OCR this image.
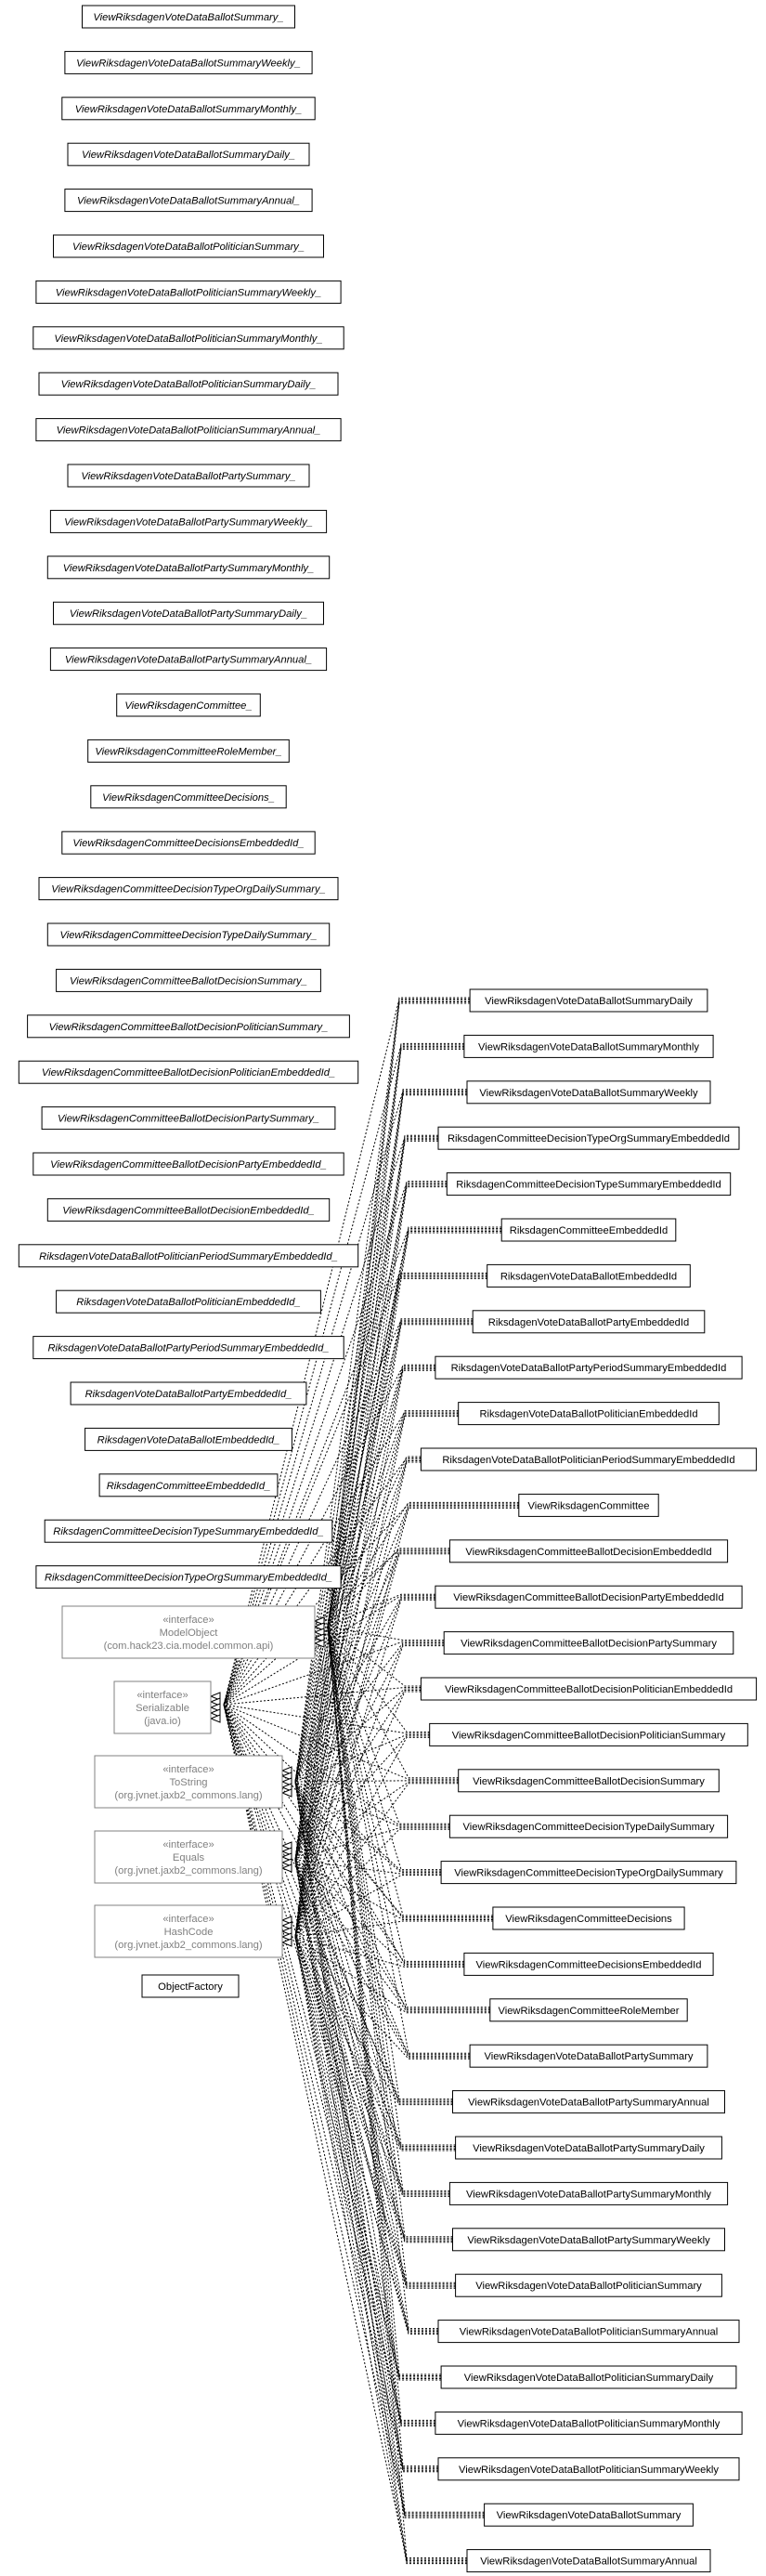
ViewRiksdagenVoteDataBallotSummary_
ViewRiksdagenVoteDataBallotSummaryWeekly_
ViewRiksdagenVoteDataBallotSummaryMonthly_
ViewRiksdagenVoteDataBallotSummaryDaily_
ViewRiksdagenVoteDataBallotSummaryAnnual_
ViewRiksdagenVoteDataBallotPoliticianSummary_
ViewRiksdagenVoteDataBallotPoliticianSummaryWeekly_
ViewRiksdagenVoteDataBallotPoliticianSummaryMonthly_
ViewRiksdagenVoteDataBallotPoliticianSummaryDaily_
ViewRiksdagenVoteDataBallotPoliticianSummaryAnnual_
ViewRiksdagenVoteDataBallotPartySummary_
ViewRiksdagenVoteDataBallotPartySummaryWeekly_
ViewRiksdagenVoteDataBallotPartySummaryMonthly_
ViewRiksdagenVoteDataBallotPartySummaryDaily_
ViewRiksdagenVoteDataBallotPartySummaryAnnual_
ViewRiksdagenCommittee_
ViewRiksdagenCommitteeRoleMember_
ViewRiksdagenCommitteeDecisions_
ViewRiksdagenCommitteeDecisionsEmbeddedId_
ViewRiksdagenCommitteeDecisionTypeOrgDailySummary_
ViewRiksdagenCommitteeDecisionTypeDailySummary_
ViewRiksdagenCommitteeBallotDecisionSummary_
ViewRiksdagenCommitteeBallotDecisionPoliticianSummary_
ViewRiksdagenCommitteeBallotDecisionPoliticianEmbeddedId_
ViewRiksdagenCommitteeBallotDecisionPartySummary_
ViewRiksdagenCommitteeBallotDecisionPartyEmbeddedId_
ViewRiksdagenCommitteeBallotDecisionEmbeddedId_
RiksdagenVoteDataBallotPoliticianPeriodSummaryEmbeddedId_
RiksdagenVoteDataBallotPoliticianEmbeddedId_
RiksdagenVoteDataBallotPartyPeriodSummaryEmbeddedId_
RiksdagenVoteDataBallotPartyEmbeddedId_
RiksdagenVoteDataBallotEmbeddedId_
RiksdagenCommitteeEmbeddedId_
RiksdagenCommitteeDecisionTypeSummaryEmbeddedId_
RiksdagenCommitteeDecisionTypeOrgSummaryEmbeddedId_
«interface»
ModelObject
(com.hack23.cia.model.common.api)
«interface»
Serializable
(java.io)
«interface»
ToString
(org.jvnet.jaxb2_commons.lang)
«interface»
Equals
(org.jvnet.jaxb2_commons.lang)
«interface»
HashCode
(org.jvnet.jaxb2_commons.lang)
ObjectFactory
ViewRiksdagenVoteDataBallotSummaryDaily
ViewRiksdagenVoteDataBallotSummaryMonthly
ViewRiksdagenVoteDataBallotSummaryWeekly
RiksdagenCommitteeDecisionTypeOrgSummaryEmbeddedId
RiksdagenCommitteeDecisionTypeSummaryEmbeddedId
RiksdagenCommitteeEmbeddedId
RiksdagenVoteDataBallotEmbeddedId
RiksdagenVoteDataBallotPartyEmbeddedId
RiksdagenVoteDataBallotPartyPeriodSummaryEmbeddedId
RiksdagenVoteDataBallotPoliticianEmbeddedId
RiksdagenVoteDataBallotPoliticianPeriodSummaryEmbeddedId
ViewRiksdagenCommittee
ViewRiksdagenCommitteeBallotDecisionEmbeddedId
ViewRiksdagenCommitteeBallotDecisionPartyEmbeddedId
ViewRiksdagenCommitteeBallotDecisionPartySummary
ViewRiksdagenCommitteeBallotDecisionPoliticianEmbeddedId
ViewRiksdagenCommitteeBallotDecisionPoliticianSummary
ViewRiksdagenCommitteeBallotDecisionSummary
ViewRiksdagenCommitteeDecisionTypeDailySummary
ViewRiksdagenCommitteeDecisionTypeOrgDailySummary
ViewRiksdagenCommitteeDecisions
ViewRiksdagenCommitteeDecisionsEmbeddedId
ViewRiksdagenCommitteeRoleMember
ViewRiksdagenVoteDataBallotPartySummary
ViewRiksdagenVoteDataBallotPartySummaryAnnual
ViewRiksdagenVoteDataBallotPartySummaryDaily
ViewRiksdagenVoteDataBallotPartySummaryMonthly
ViewRiksdagenVoteDataBallotPartySummaryWeekly
ViewRiksdagenVoteDataBallotPoliticianSummary
ViewRiksdagenVoteDataBallotPoliticianSummaryAnnual
ViewRiksdagenVoteDataBallotPoliticianSummaryDaily
ViewRiksdagenVoteDataBallotPoliticianSummaryMonthly
ViewRiksdagenVoteDataBallotPoliticianSummaryWeekly
ViewRiksdagenVoteDataBallotSummary
ViewRiksdagenVoteDataBallotSummaryAnnual
